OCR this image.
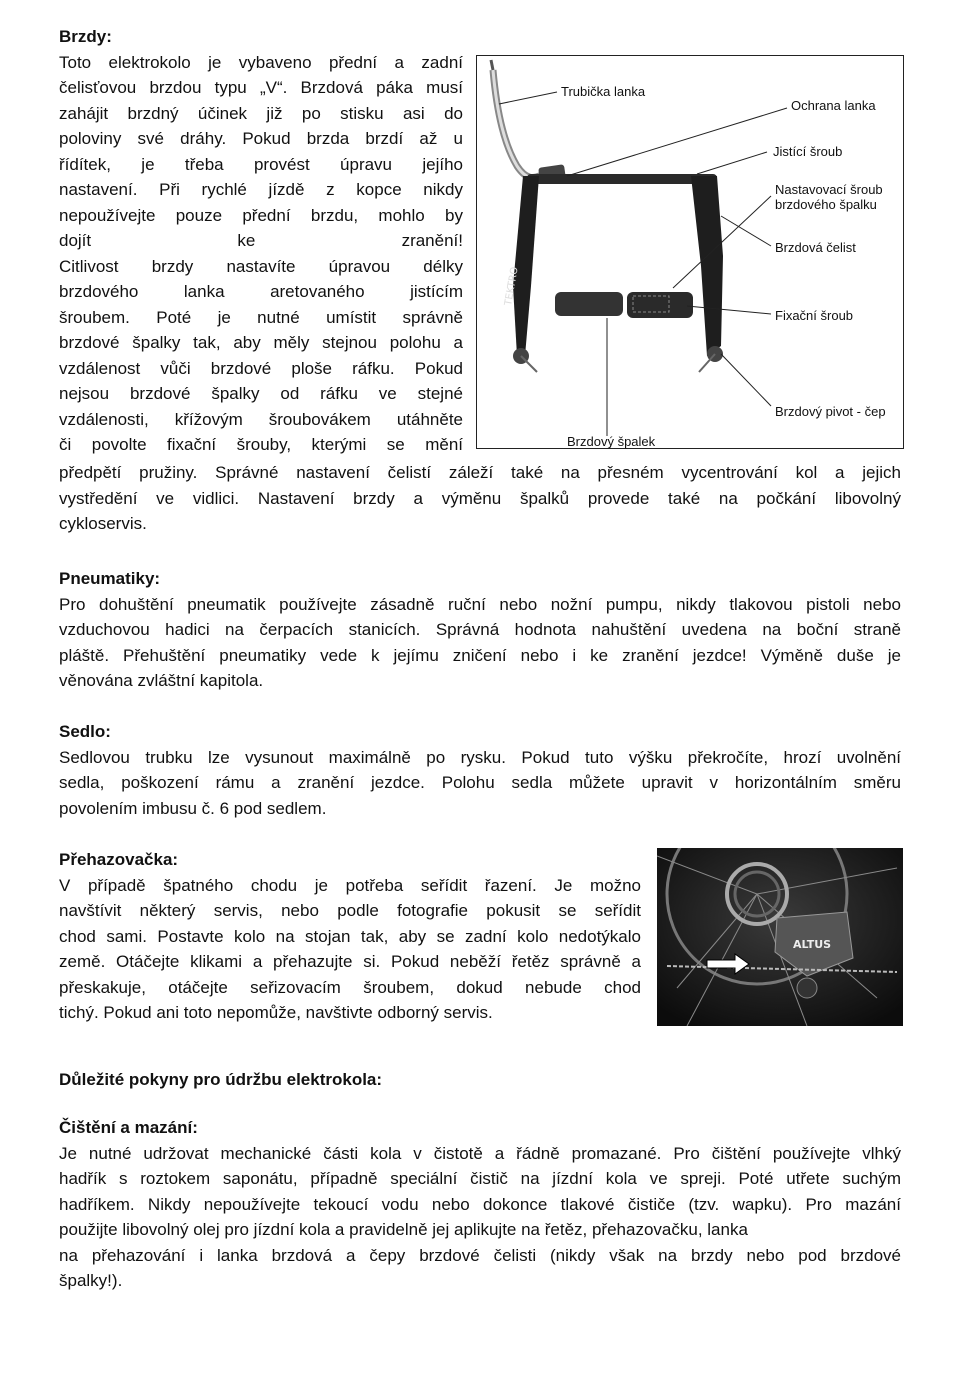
Brzdy:
Toto elektrokolo je vybaveno přední a zadní
čelisťovou brzdou typu „V“. Brzdová páka musí
zahájit brzdný účinek již po stisku asi do
poloviny své dráhy. Pokud brzda brzdí až u
řídítek, je třeba provést úpravu jejího
nastavení. Při rychlé jízdě z kopce nikdy
nepoužívejte pouze přední brzdu, mohlo by
dojít ke zranění!
Citlivost brzdy nastavíte úpravou délky
brzdového lanka aretovaného jistícím
šroubem. Poté je nutné umístit správně
brzdové špalky tak, aby měly stejnou polohu a
vzdálenost vůči brzdové ploše ráfku. Pokud
nejsou brzdové špalky od ráfku ve stejné
vzdálenosti, křížovým šroubovákem utáhněte
či povolte fixační šrouby, kterými se mění
předpětí pružiny. Správné nastavení čelistí záleží také na přesném vycentrování kol a jejich
vystředění ve vidlici. Nastavení brzdy a výměnu špalků provede také na počkání libovolný
cykloservis.
TEKTRO
Trubička lanka
Ochrana lanka
Jistící šroub
Nastavovací šroub brzdového špalku
Brzdová čelist
Fixační šroub
Brzdový pivot - čep
Brzdový špalek
Pneumatiky:
Pro dohuštění pneumatik používejte zásadně ruční nebo nožní pumpu, nikdy tlakovou pistoli nebo
vzduchovou hadici na čerpacích stanicích. Správná hodnota nahuštění uvedena na boční straně
pláště. Přehuštění pneumatiky vede k jejímu zničení nebo i ke zranění jezdce! Výměně duše je
věnována zvláštní kapitola.
Sedlo:
Sedlovou trubku lze vysunout maximálně po rysku. Pokud tuto výšku překročíte, hrozí uvolnění
sedla, poškození rámu a zranění jezdce. Polohu sedla můžete upravit v horizontálním směru
povolením imbusu č. 6 pod sedlem.
Přehazovačka:
V případě špatného chodu je potřeba seřídit řazení. Je možno
navštívit některý servis, nebo podle fotografie pokusit se seřídit
chod sami. Postavte kolo na stojan tak, aby se zadní kolo nedotýkalo
země. Otáčejte klikami a přehazujte si. Pokud neběží řetěz správně a
přeskakuje, otáčejte seřizovacím šroubem, dokud nebude chod
tichý. Pokud ani toto nepomůže, navštivte odborný servis.
ALTUS
Důležité pokyny pro údržbu elektrokola:
Čištění a mazání:
Je nutné udržovat mechanické části kola v čistotě a řádně promazané. Pro čištění používejte vlhký
hadřík s roztokem saponátu, případně speciální čistič na jízdní kola ve spreji. Poté utřete suchým
hadříkem. Nikdy nepoužívejte tekoucí vodu nebo dokonce tlakové čističe (tzv. wapku). Pro mazání
použijte libovolný olej pro jízdní kola a pravidelně jej aplikujte na řetěz, přehazovačku, lanka
na přehazování i lanka brzdová a čepy brzdové čelisti (nikdy však na brzdy nebo pod brzdové
špalky!).
